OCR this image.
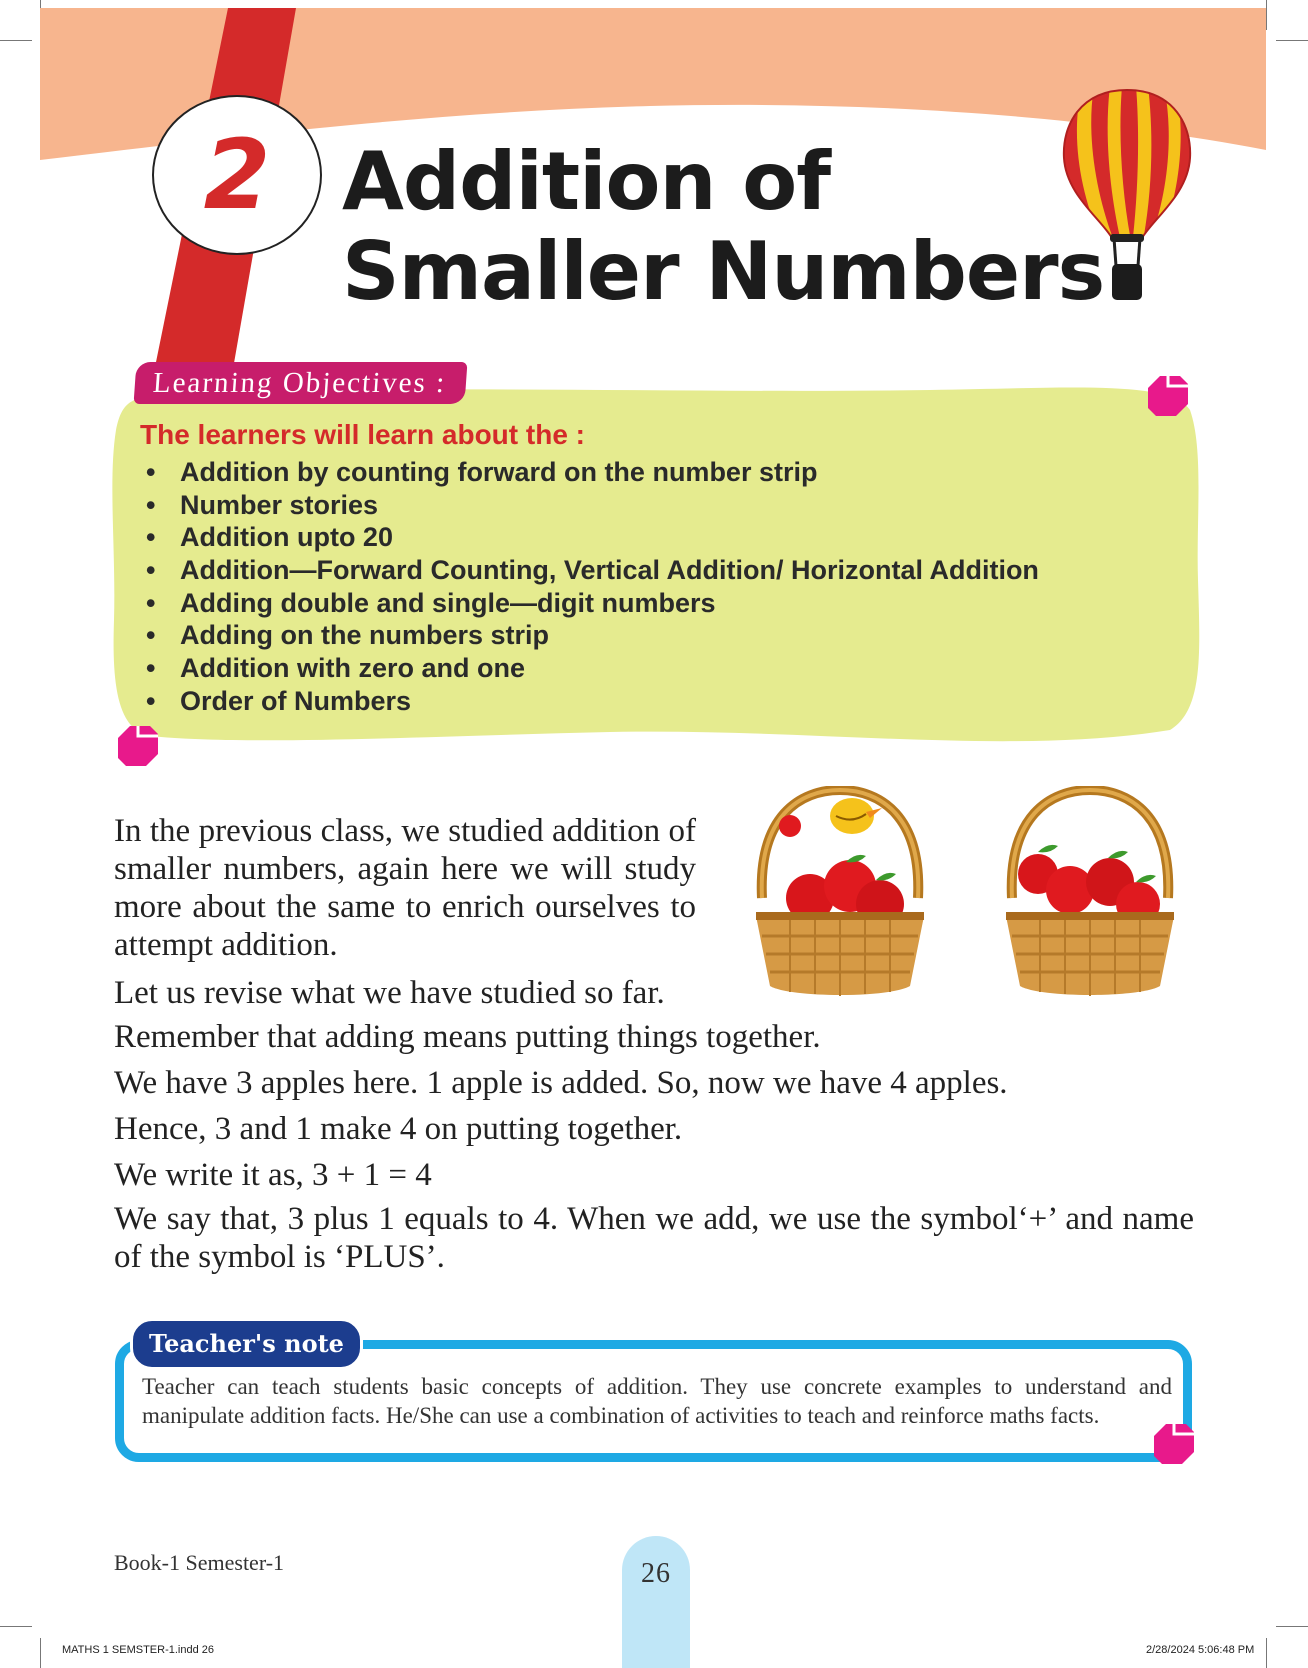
2 Addition of
Smaller Numbers
Learning Objectives :
The learners will learn about the :
• Addition by counting forward on the number strip
• Number stories
• Addition upto 20
• Addition—Forward Counting, Vertical Addition/ Horizontal Addition
• Adding double and single—digit numbers
• Adding on the numbers strip
• Addition with zero and one
• Order of Numbers
In the previous class, we studied addition of smaller numbers, again here we will study more about the same to enrich ourselves to attempt addition.
Let us revise what we have studied so far.
Remember that adding means putting things together.
We have 3 apples here. 1 apple is added. So, now we have 4 apples.
Hence, 3 and 1 make 4 on putting together.
We write it as, 3 + 1 = 4
We say that, 3 plus 1 equals to 4. When we add, we use the symbol‘+’ and name of the symbol is ‘PLUS’.
Teacher's note
Teacher can teach students basic concepts of addition. They use concrete examples to understand and manipulate addition facts. He/She can use a combination of activities to teach and reinforce maths facts.
Book-1 Semester-1	26
MATHS 1 SEMSTER-1.indd 26	2/28/2024 5:06:48 PM
